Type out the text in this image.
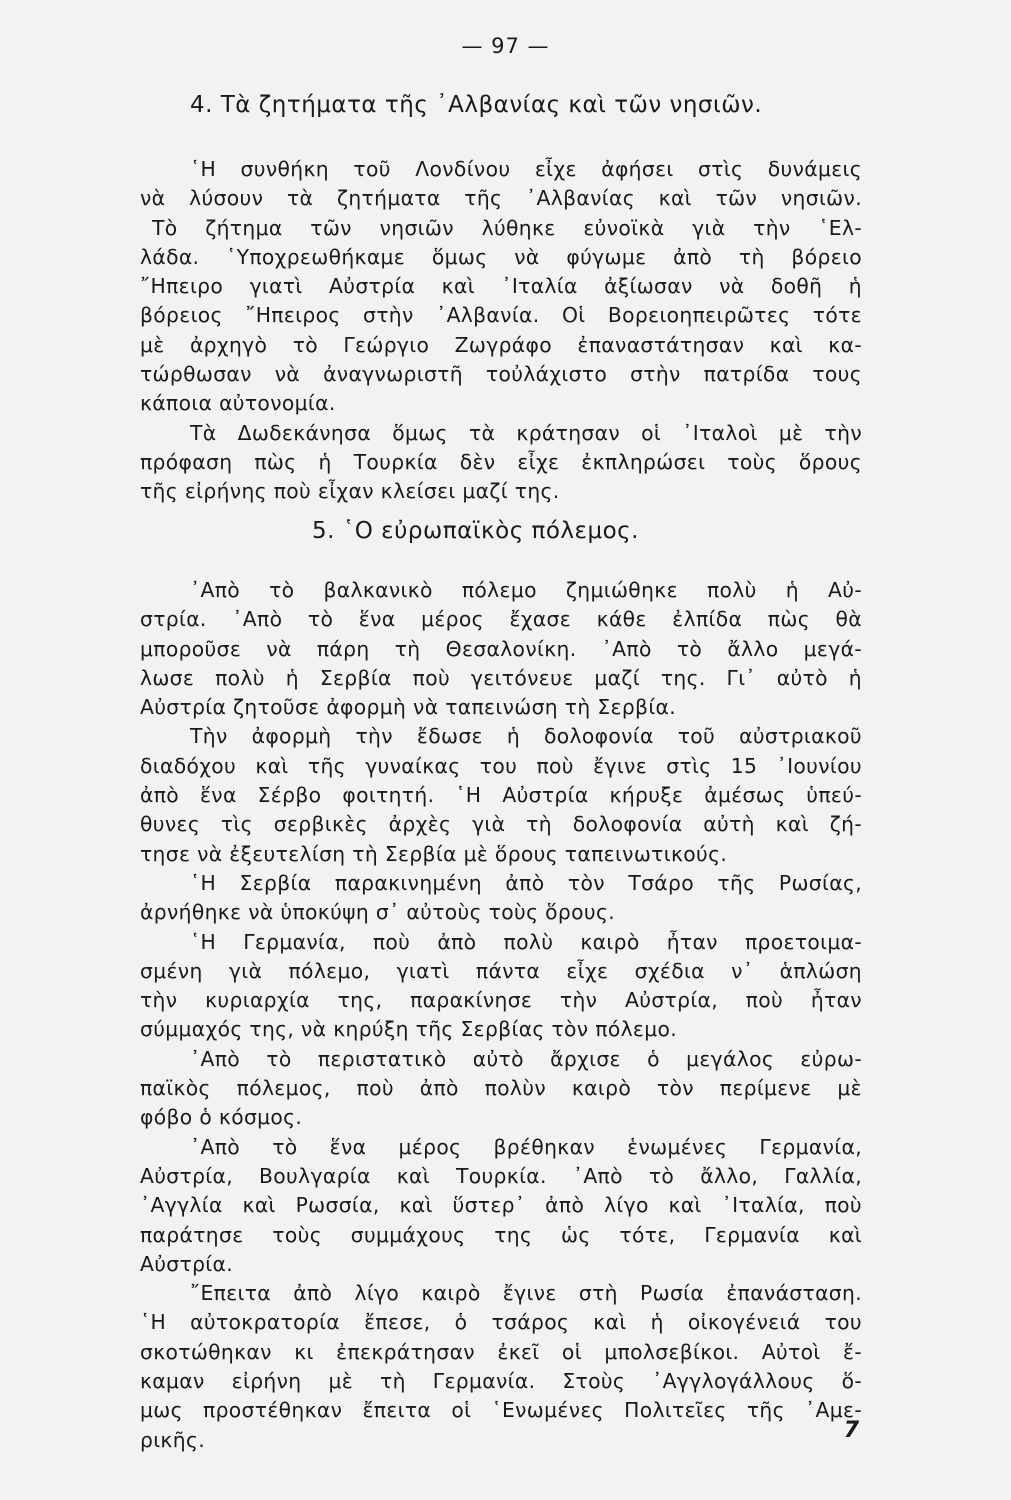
— 97 —
4. Τὰ ζητήματα τῆς ᾿Αλβανίας καὶ τῶν νησιῶν.
῾Η συνθήκη τοῦ Λονδίνου εἶχε ἀφήσει στὶς δυνάμεις
νὰ λύσουν τὰ ζητήματα τῆς ᾿Αλβανίας καὶ τῶν νησιῶν.
Τὸ ζήτημα τῶν νησιῶν λύθηκε εὐνοϊκὰ γιὰ τὴν ῾Ελ-
λάδα. ῾Υποχρεωθήκαμε ὅμως νὰ φύγωμε ἀπὸ τὴ βόρειο
῎Ηπειρο γιατὶ Αὐστρία καὶ ᾿Ιταλία ἀξίωσαν νὰ δοθῆ ἡ
βόρειος ῎Ηπειρος στὴν ᾿Αλβανία. Οἱ Βορειοηπειρῶτες τότε
μὲ ἀρχηγὸ τὸ Γεώργιο Ζωγράφο ἐπαναστάτησαν καὶ κα-
τώρθωσαν νὰ ἀναγνωριστῆ τοὐλάχιστο στὴν πατρίδα τους
κάποια αὐτονομία.
Τὰ Δωδεκάνησα ὅμως τὰ κράτησαν οἱ ᾿Ιταλοὶ μὲ τὴν
πρόφαση πὼς ἡ Τουρκία δὲν εἶχε ἐκπληρώσει τοὺς ὅρους
τῆς εἰρήνης ποὺ εἶχαν κλείσει μαζί της.
5. ῾Ο εὐρωπαϊκὸς πόλεμος.
᾿Απὸ τὸ βαλκανικὸ πόλεμο ζημιώθηκε πολὺ ἡ Αὐ-
στρία. ᾿Απὸ τὸ ἕνα μέρος ἔχασε κάθε ἐλπίδα πὼς θὰ
μποροῦσε νὰ πάρη τὴ Θεσαλονίκη. ᾿Απὸ τὸ ἄλλο μεγά-
λωσε πολὺ ἡ Σερβία ποὺ γειτόνευε μαζί της. Γι᾿ αὐτὸ ἡ
Αὐστρία ζητοῦσε ἀφορμὴ νὰ ταπεινώση τὴ Σερβία.
Τὴν ἀφορμὴ τὴν ἔδωσε ἡ δολοφονία τοῦ αὐστριακοῦ
διαδόχου καὶ τῆς γυναίκας του ποὺ ἔγινε στὶς 15 ᾿Ιουνίου
ἀπὸ ἕνα Σέρβο φοιτητή. ῾Η Αὐστρία κήρυξε ἀμέσως ὑπεύ-
θυνες τὶς σερβικὲς ἀρχὲς γιὰ τὴ δολοφονία αὐτὴ καὶ ζή-
τησε νὰ ἐξευτελίση τὴ Σερβία μὲ ὅρους ταπεινωτικούς.
῾Η Σερβία παρακινημένη ἀπὸ τὸν Τσάρο τῆς Ρωσίας,
ἀρνήθηκε νὰ ὑποκύψη σ᾿ αὐτοὺς τοὺς ὅρους.
῾Η Γερμανία, ποὺ ἀπὸ πολὺ καιρὸ ἦταν προετοιμα-
σμένη γιὰ πόλεμο, γιατὶ πάντα εἶχε σχέδια ν᾿ ἁπλώση
τὴν κυριαρχία της, παρακίνησε τὴν Αὐστρία, ποὺ ἦταν
σύμμαχός της, νὰ κηρύξη τῆς Σερβίας τὸν πόλεμο.
᾿Απὸ τὸ περιστατικὸ αὐτὸ ἄρχισε ὁ μεγάλος εὐρω-
παϊκὸς πόλεμος, ποὺ ἀπὸ πολὺν καιρὸ τὸν περίμενε μὲ
φόβο ὁ κόσμος.
᾿Απὸ τὸ ἕνα μέρος βρέθηκαν ἑνωμένες Γερμανία,
Αὐστρία, Βουλγαρία καὶ Τουρκία. ᾿Απὸ τὸ ἄλλο, Γαλλία,
᾿Αγγλία καὶ Ρωσσία, καὶ ὕστερ᾿ ἀπὸ λίγο καὶ ᾿Ιταλία, ποὺ
παράτησε τοὺς συμμάχους της ὡς τότε, Γερμανία καὶ
Αὐστρία.
῎Επειτα ἀπὸ λίγο καιρὸ ἔγινε στὴ Ρωσία ἐπανάσταση.
῾Η αὐτοκρατορία ἔπεσε, ὁ τσάρος καὶ ἡ οἰκογένειά του
σκοτώθηκαν κι ἐπεκράτησαν ἐκεῖ οἱ μπολσεβίκοι. Αὐτοὶ ἔ-
καμαν εἰρήνη μὲ τὴ Γερμανία. Στοὺς ᾿Αγγλογάλλους ὅ-
μως προστέθηκαν ἔπειτα οἱ ῾Ενωμένες Πολιτεῖες τῆς ᾿Αμε-
ρικῆς.	7
